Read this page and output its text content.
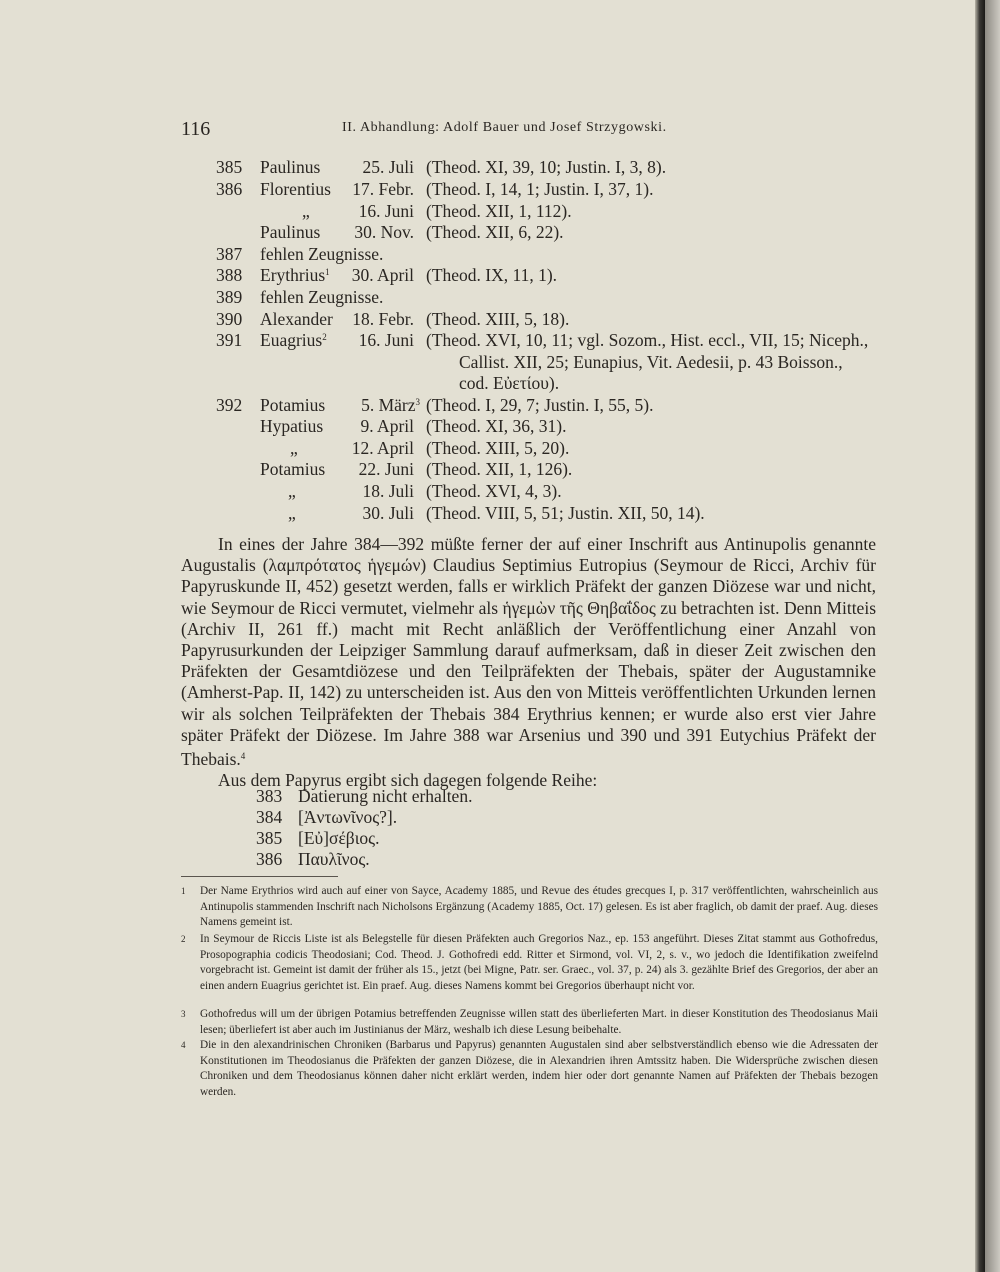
116	II. Abhandlung: Adolf Bauer und Josef Strzygowski.
385 Paulinus	25. Juli (Theod. XI, 39, 10; Justin. I, 3, 8).
386 Florentius	17. Febr. (Theod. I, 14, 1; Justin. I, 37, 1).
„	16. Juni (Theod. XII, 1, 112).
Paulinus	30. Nov. (Theod. XII, 6, 22).
387 fehlen Zeugnisse.
388 Erythrius$^1$	30. April (Theod. IX, 11, 1).
389 fehlen Zeugnisse.
390 Alexander	18. Febr. (Theod. XIII, 5, 18).
391 Euagrius$^2$	16. Juni (Theod. XVI, 10, 11; vgl. Sozom., Hist. eccl., VII, 15; Niceph.,
Callist. XII, 25; Eunapius, Vit. Aedesii, p. 43 Boisson.,
cod. Εὐετίου).
392 Potamius	5. März$^3$ (Theod. I, 29, 7; Justin. I, 55, 5).
Hypatius	9. April (Theod. XI, 36, 31).
„	12. April (Theod. XIII, 5, 20).
Potamius	22. Juni (Theod. XII, 1, 126).
„	18. Juli (Theod. XVI, 4, 3).
„	30. Juli (Theod. VIII, 5, 51; Justin. XII, 50, 14).

In eines der Jahre 384—392 müßte ferner der auf einer Inschrift aus Antinupolis genannte Augustalis (λαμπρότατος ἡγεμών) Claudius Septimius Eutropius (Seymour de Ricci, Archiv für Papyruskunde II, 452) gesetzt werden, falls er wirklich Präfekt der ganzen Diözese war und nicht, wie Seymour de Ricci vermutet, vielmehr als ἡγεμὼν τῆς Θηβαΐδος zu betrachten ist. Denn Mitteis (Archiv II, 261 ff.) macht mit Recht anläßlich der Veröffentlichung einer Anzahl von Papyrusurkunden der Leipziger Sammlung darauf aufmerksam, daß in dieser Zeit zwischen den Präfekten der Gesamtdiözese und den Teilpräfekten der Thebais, später der Augustamnike (Amherst-Pap. II, 142) zu unterscheiden ist. Aus den von Mitteis veröffentlichten Urkunden lernen wir als solchen Teilpräfekten der Thebais 384 Erythrius kennen; er wurde also erst vier Jahre später Präfekt der Diözese. Im Jahre 388 war Arsenius und 390 und 391 Eutychius Präfekt der Thebais.$^4$

Aus dem Papyrus ergibt sich dagegen folgende Reihe:

383 Datierung nicht erhalten.
384 [Ἀντωνῖνος?].
385 [Εὐ]σέβιος.
386 Παυλῖνος.
1 Der Name Erythrios wird auch auf einer von Sayce, Academy 1885, und Revue des études grecques I, p. 317 veröffentlichten, wahrscheinlich aus Antinupolis stammenden Inschrift nach Nicholsons Ergänzung (Academy 1885, Oct. 17) gelesen. Es ist aber fraglich, ob damit der praef. Aug. dieses Namens gemeint ist.
2 In Seymour de Riccis Liste ist als Belegstelle für diesen Präfekten auch Gregorios Naz., ep. 153 angeführt. Dieses Zitat stammt aus Gothofredus, Prosopographia codicis Theodosiani; Cod. Theod. J. Gothofredi edd. Ritter et Sirmond, vol. VI, 2, s. v., wo jedoch die Identifikation zweifelnd vorgebracht ist. Gemeint ist damit der früher als 15., jetzt (bei Migne, Patr. ser. Graec., vol. 37, p. 24) als 3. gezählte Brief des Gregorios, der aber an einen andern Euagrius gerichtet ist. Ein praef. Aug. dieses Namens kommt bei Gregorios überhaupt nicht vor.
3 Gothofredus will um der übrigen Potamius betreffenden Zeugnisse willen statt des überlieferten Mart. in dieser Konstitution des Theodosianus Maii lesen; überliefert ist aber auch im Justinianus der März, weshalb ich diese Lesung beibehalte.
4 Die in den alexandrinischen Chroniken (Barbarus und Papyrus) genannten Augustalen sind aber selbstverständlich ebenso wie die Adressaten der Konstitutionen im Theodosianus die Präfekten der ganzen Diözese, die in Alexandrien ihren Amtssitz haben. Die Widersprüche zwischen diesen Chroniken und dem Theodosianus können daher nicht erklärt werden, indem hier oder dort genannte Namen auf Präfekten der Thebais bezogen werden.
